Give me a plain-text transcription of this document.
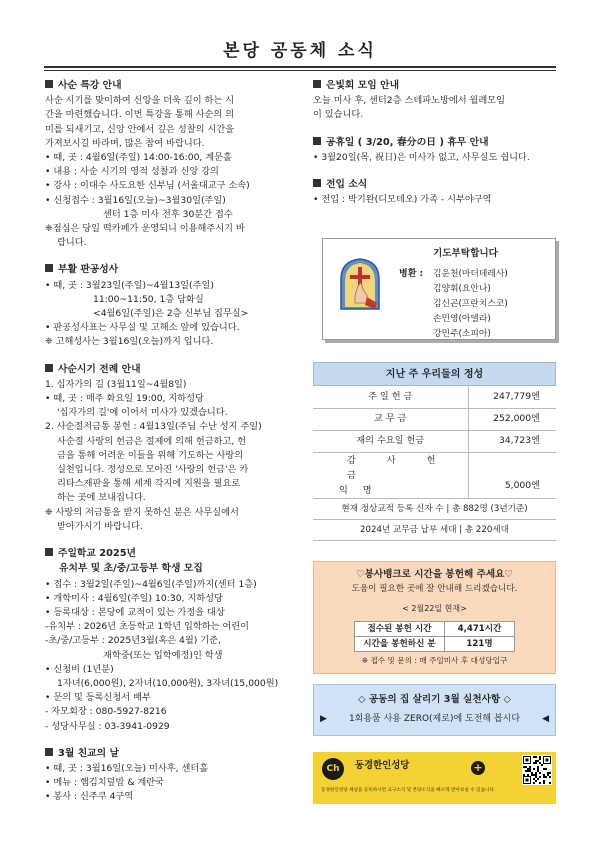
본당 공동체 소식
사순 특강 안내
사순 시기를 맞이하여 신앙을 더욱 깊이 하는 시
간을 마련했습니다. 이번 특강을 통해 사순의 의
미를 되새기고, 신앙 안에서 깊은 성찰의 시간을
가져보시길 바라며, 많은 참여 바랍니다.
• 때, 곳 : 4월6일(주일) 14:00-16:00, 계문홀
• 내용 : 사순 시기의 영적 성찰과 신앙 강의
• 강사 : 이대수 사도요한 신부님 (서울대교구 소속)
• 신청접수 : 3월16일(오늘)~3월30일(주일)
센터 1층 미사 전후 30분간 접수
❈점심은 당일 떡카페가 운영되니 이용해주시기 바
랍니다.
부활 판공성사
• 때, 곳 : 3월23일(주일)~4월13일(주일)
11:00~11:50, 1층 담화실
<4월6일(주일)은 2층 신부님 집무실>
• 판공성사표는 사무실 및 고해소 앞에 있습니다.
❈ 고해성사는 3월16일(오늘)까지 입니다.
사순시기 전례 안내
1. 십자가의 길 (3월11일~4월8일)
• 때, 곳 : 매주 화요일 19:00, 지하성당
'십자가의 길'에 이어서 미사가 있겠습니다.
2. 사순절저금통 봉헌 : 4월13일(주님 수난 성지 주일)
사순절 사랑의 헌금은 절제에 의해 헌금하고, 헌
금을 통해 어려운 이들을 위해 기도하는 사랑의
실천입니다. 정성으로 모아진 '사랑의 헌금'은 카
리타스재판을 통해 세계 각지에 지원을 필요로
하는 곳에 보내집니다.
❈ 사랑의 저금통을 받지 못하신 분은 사무실에서
받아가시기 바랍니다.
주일학교 2025년
유치부 및 초/중/고등부 학생 모집
• 접수 : 3월2일(주일)~4월6일(주일)까지(센터 1층)
• 개학미사 : 4월6일(주일) 10:30, 지하성당
• 등록대상 : 본당에 교적이 있는 가정을 대상
-유치부 : 2026년 초등학교 1학년 입학하는 어린이
-초/중/고등부 : 2025년3월(혹은 4월) 기준,
재학중(또는 입학예정)인 학생
• 신청비 (1년분)
1자녀(6,000원), 2자녀(10,000원), 3자녀(15,000원)
• 문의 및 등록신청서 배부
- 자모회장 : 080-5927-8216
- 성당사무실 : 03-3941-0929
3월 친교의 날
• 때, 곳 : 3월16일(오늘) 미사후, 센터홀
• 메뉴 : 햄김치덮밥 & 계란국
• 봉사 : 신주쿠 4구역
은빛회 모임 안내
오늘 미사 후, 센터2층 스테파노방에서 월례모임
이 있습니다.
공휴일 ( 3/20, 春分の日 ) 휴무 안내
• 3월20일(목, 祝日)은 미사가 없고, 사무실도 쉽니다.
전입 소식
• 전입 : 박기완(디모테오) 가족 - 시부야구역
기도부탁합니다
병환 : 김운천(마더데레사)
김양휘(요안나)
김신곤(프란치스코)
손민영(아델라)
강민주(소피아)
지난 주 우리들의 정성
주 일 헌 금	247,779엔
교 무 금	252,000엔
재의 수요일 헌금	34,723엔

감 사 헌 금
익 명	5,000엔
현재 정상교적 등록 신자 수 | 총 882명 (3년기준)
2024년 교무금 납부 세대 | 총 220세대
♡봉사뱅크로 시간을 봉헌해 주세요♡
도움이 필요한 곳에 잘 안내해 드리겠습니다.
< 2월22일 현재>
접수된 봉헌 시간	4,471시간
시간을 봉헌하신 분	121명
❈ 접수 및 문의 : 매 주일미사 후 대성당입구
◇ 공동의 집 살리기 3월 실천사항 ◇
▶ 1회용품 사용 ZERO(제로)에 도전해 봅시다 ◀
Ch	동경한인성당	+
동경한인성당 채널을 등록하시면 교구소식 및 본당소식을 빠르게 받아보실 수 있습니다.
